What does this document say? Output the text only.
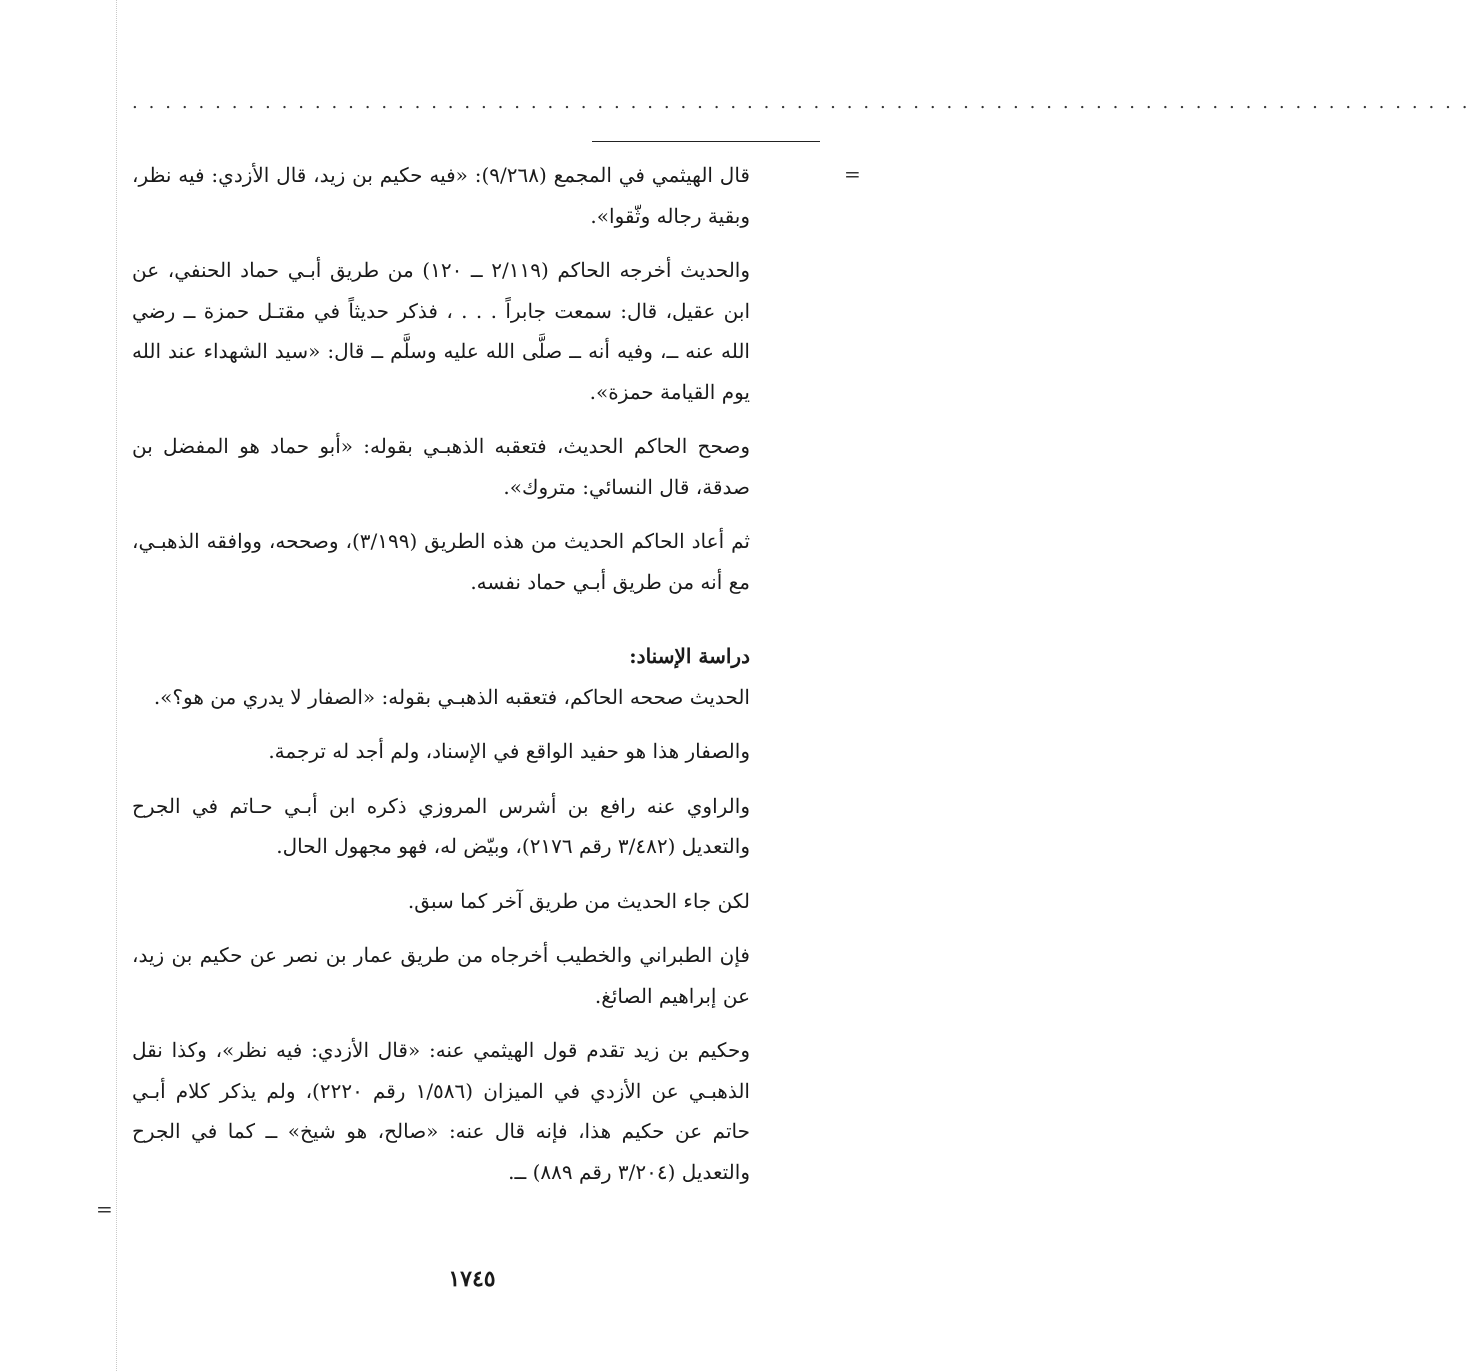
.................................................................................
=
=

قال الهيثمي في المجمع (٩/٢٦٨): «فيه حكيم بن زيد، قال الأزدي: فيه نظر، وبقية رجاله وثّقوا».

والحديث أخرجه الحاكم (٢/١١٩ ــ ١٢٠) من طريق أبـي حماد الحنفي، عن ابن عقيل، قال: سمعت جابراً . . . ، فذكر حديثاً في مقتـل حمزة ــ رضي الله عنه ــ، وفيه أنه ــ صلَّى الله عليه وسلَّم ــ قال: «سيد الشهداء عند الله يوم القيامة حمزة».

وصحح الحاكم الحديث، فتعقبه الذهبـي بقوله: «أبو حماد هو المفضل بن صدقة، قال النسائي: متروك».

ثم أعاد الحاكم الحديث من هذه الطريق (٣/١٩٩)، وصححه، ووافقه الذهبـي، مع أنه من طريق أبـي حماد نفسه.

دراسة الإسناد:

الحديث صححه الحاكم، فتعقبه الذهبـي بقوله: «الصفار لا يدري من هو؟».

والصفار هذا هو حفيد الواقع في الإسناد، ولم أجد له ترجمة.

والراوي عنه رافع بن أشرس المروزي ذكره ابن أبـي حـاتم في الجرح والتعديل (٣/٤٨٢ رقم ٢١٧٦)، وبيّض له، فهو مجهول الحال.

لكن جاء الحديث من طريق آخر كما سبق.

فإن الطبراني والخطيب أخرجاه من طريق عمار بن نصر عن حكيم بن زيد، عن إبراهيم الصائغ.

وحكيم بن زيد تقدم قول الهيثمي عنه: «قال الأزدي: فيه نظر»، وكذا نقل الذهبـي عن الأزدي في الميزان (١/٥٨٦ رقم ٢٢٢٠)، ولم يذكر كلام أبـي حاتم عن حكيم هذا، فإنه قال عنه: «صالح، هو شيخ» ــ كما في الجرح والتعديل (٣/٢٠٤ رقم ٨٨٩) ــ.

١٧٤٥
